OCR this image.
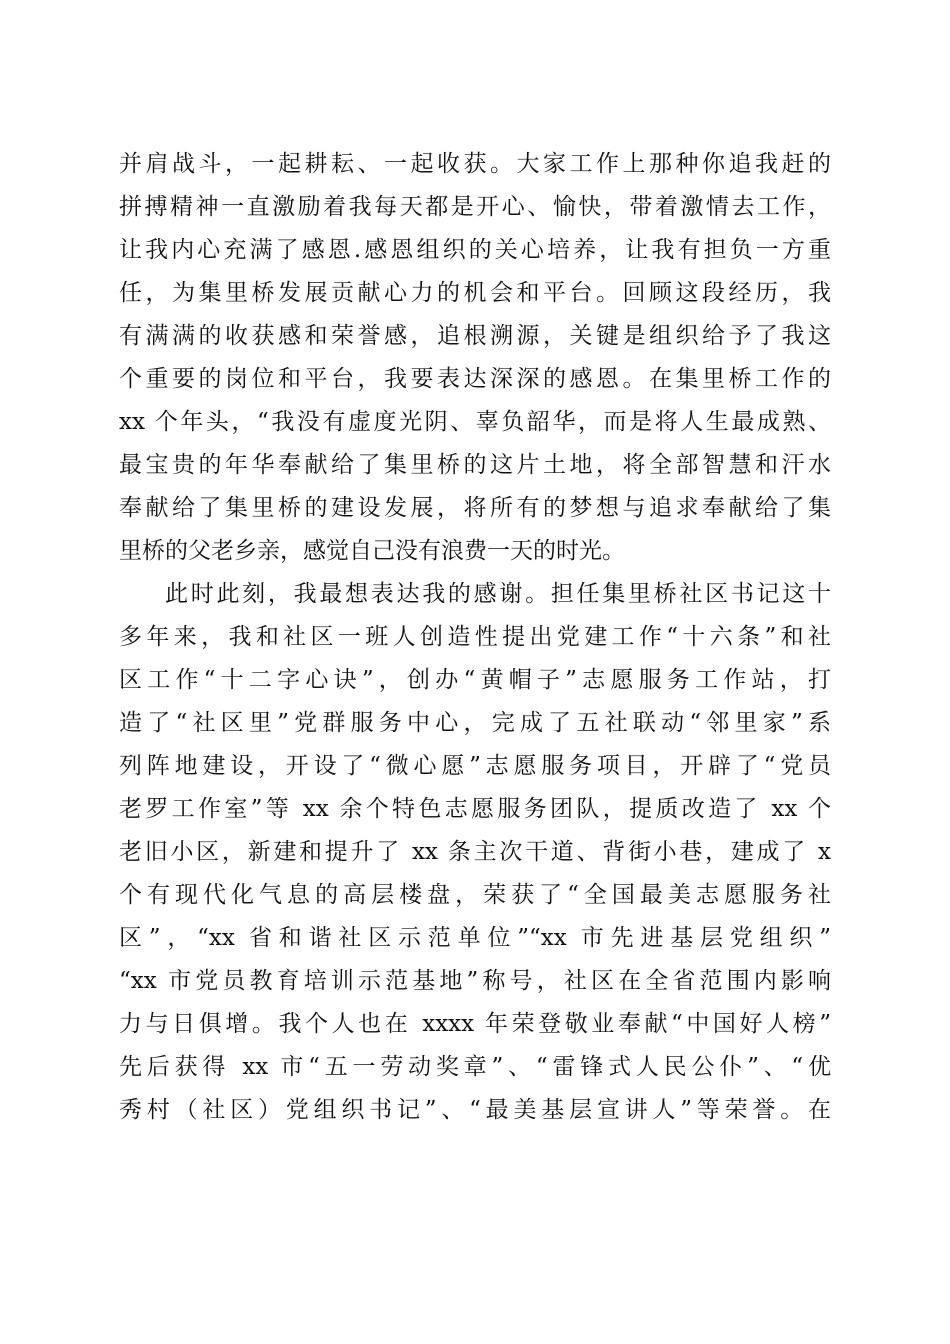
并肩战斗，一起耕耘、一起收获。大家工作上那种你追我赶的
拼搏精神一直激励着我每天都是开心、愉快，带着激情去工作，
让我内心充满了感恩.感恩组织的关心培养，让我有担负一方重
任，为集里桥发展贡献心力的机会和平台。回顾这段经历，我
有满满的收获感和荣誉感，追根溯源，关键是组织给予了我这
个重要的岗位和平台，我要表达深深的感恩。在集里桥工作的
xx 个年头，“我没有虚度光阴、辜负韶华，而是将人生最成熟、
最宝贵的年华奉献给了集里桥的这片土地，将全部智慧和汗水
奉献给了集里桥的建设发展，将所有的梦想与追求奉献给了集
里桥的父老乡亲，感觉自己没有浪费一天的时光。
此时此刻，我最想表达我的感谢。担任集里桥社区书记这十
多年来，我和社区一班人创造性提出党建工作“十六条”和社
区工作“十二字心诀”，创办“黄帽子”志愿服务工作站，打
造了“社区里”党群服务中心，完成了五社联动“邻里家”系
列阵地建设，开设了“微心愿”志愿服务项目，开辟了“党员
老罗工作室”等 xx 余个特色志愿服务团队，提质改造了 xx 个
老旧小区，新建和提升了 xx 条主次干道、背街小巷，建成了 x
个有现代化气息的高层楼盘，荣获了“全国最美志愿服务社
区”，“xx 省和谐社区示范单位”“xx 市先进基层党组织”
“xx 市党员教育培训示范基地”称号，社区在全省范围内影响
力与日俱增。我个人也在 xxxx 年荣登敬业奉献“中国好人榜”
先后获得 xx 市“五一劳动奖章”、“雷锋式人民公仆”、“优
秀村（社区）党组织书记”、“最美基层宣讲人”等荣誉。在
